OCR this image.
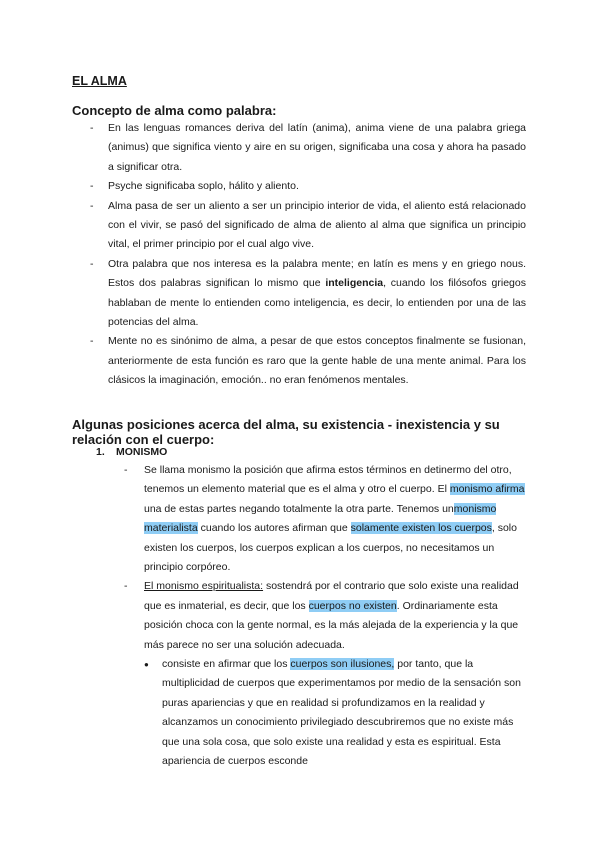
EL ALMA
Concepto de alma como palabra:
- En las lenguas romances deriva del latín (anima), anima viene de una palabra griega (animus) que significa viento y aire en su origen, significaba una cosa y ahora ha pasado a significar otra.
- Psyche significaba soplo, hálito y aliento.
- Alma pasa de ser un aliento a ser un principio interior de vida, el aliento está relacionado con el vivir, se pasó del significado de alma de aliento al alma que significa un principio vital, el primer principio por el cual algo vive.
- Otra palabra que nos interesa es la palabra mente; en latín es mens y en griego nous. Estos dos palabras significan lo mismo que inteligencia, cuando los filósofos griegos hablaban de mente lo entienden como inteligencia, es decir, lo entienden por una de las potencias del alma.
- Mente no es sinónimo de alma, a pesar de que estos conceptos finalmente se fusionan, anteriormente de esta función es raro que la gente hable de una mente animal. Para los clásicos la imaginación, emoción.. no eran fenómenos mentales.
Algunas posiciones acerca del alma, su existencia - inexistencia y su relación con el cuerpo:
1. MONISMO
- Se llama monismo la posición que afirma estos términos en detinermo del otro, tenemos un elemento material que es el alma y otro el cuerpo. El monismo afirma una de estas partes negando totalmente la otra parte. Tenemos unmonismo materialista cuando los autores afirman que solamente existen los cuerpos, solo existen los cuerpos, los cuerpos explican a los cuerpos, no necesitamos un principio corpóreo.
- El monismo espiritualista: sostendrá por el contrario que solo existe una realidad que es inmaterial, es decir, que los cuerpos no existen. Ordinariamente esta posición choca con la gente normal, es la más alejada de la experiencia y la que más parece no ser una solución adecuada.
● consiste en afirmar que los cuerpos son ilusiones, por tanto, que la multiplicidad de cuerpos que experimentamos por medio de la sensación son puras apariencias y que en realidad si profundizamos en la realidad y alcanzamos un conocimiento privilegiado descubriremos que no existe más que una sola cosa, que solo existe una realidad y esta es espiritual. Esta apariencia de cuerpos esconde
